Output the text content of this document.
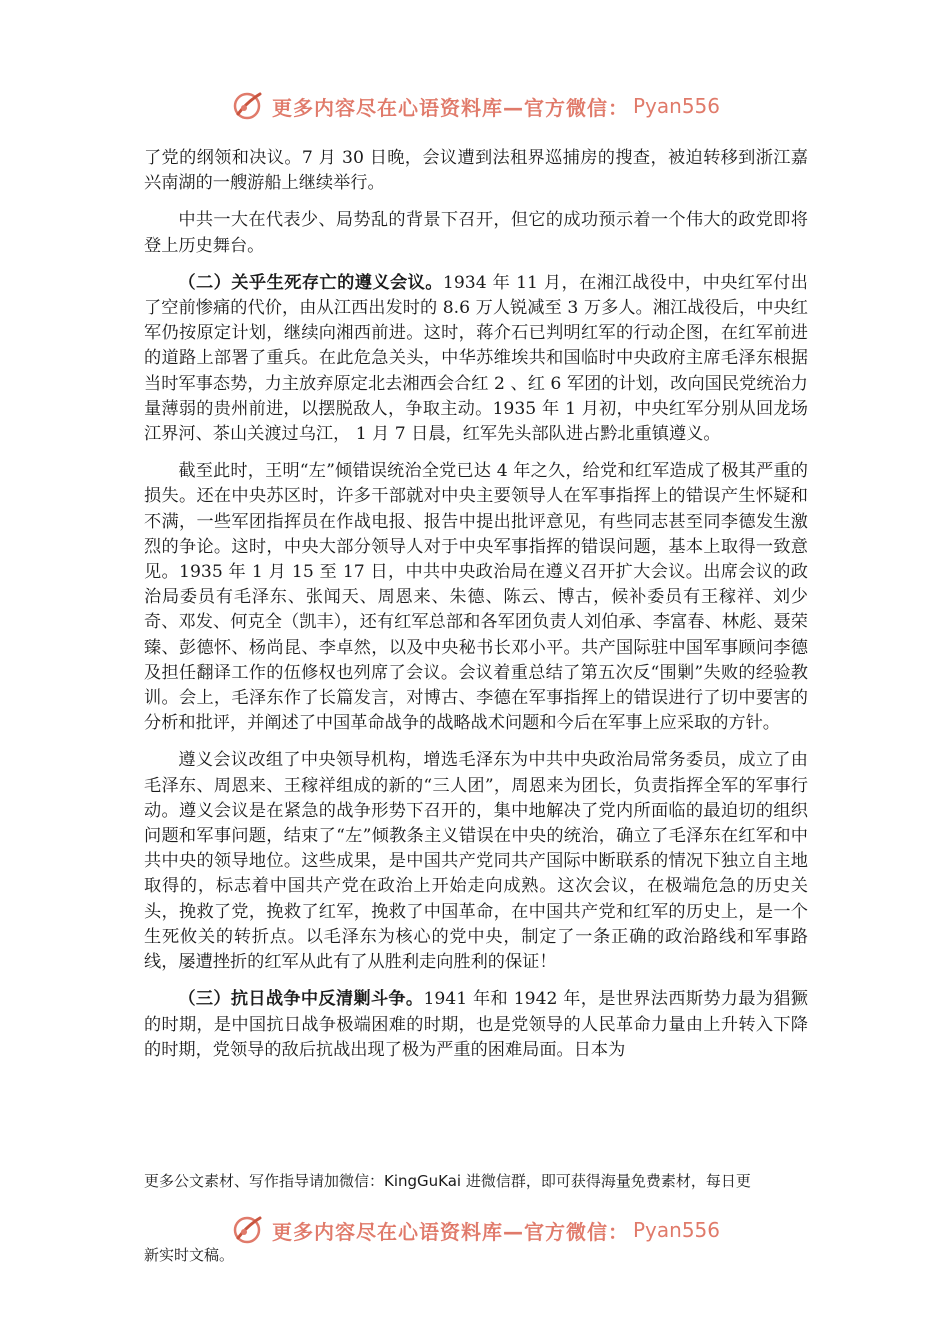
更多内容尽在心语资料库—官方微信： Pyan556

了党的纲领和决议。7 月 30 日晚，会议遭到法租界巡捕房的搜查，被迫转移到浙江嘉兴南湖的一艘游船上继续举行。

中共一大在代表少、局势乱的背景下召开，但它的成功预示着一个伟大的政党即将登上历史舞台。

（二）关乎生死存亡的遵义会议。1934 年 11 月，在湘江战役中，中央红军付出了空前惨痛的代价，由从江西出发时的 8.6 万人锐减至 3 万多人。湘江战役后，中央红军仍按原定计划，继续向湘西前进。这时，蒋介石已判明红军的行动企图，在红军前进的道路上部署了重兵。在此危急关头，中华苏维埃共和国临时中央政府主席毛泽东根据当时军事态势，力主放弃原定北去湘西会合红 2 、红 6 军团的计划，改向国民党统治力量薄弱的贵州前进，以摆脱敌人，争取主动。1935 年 1 月初，中央红军分别从回龙场江界河、茶山关渡过乌江， 1 月 7 日晨，红军先头部队进占黔北重镇遵义。

截至此时，王明“左”倾错误统治全党已达 4 年之久，给党和红军造成了极其严重的损失。还在中央苏区时，许多干部就对中央主要领导人在军事指挥上的错误产生怀疑和不满，一些军团指挥员在作战电报、报告中提出批评意见，有些同志甚至同李德发生激烈的争论。这时，中央大部分领导人对于中央军事指挥的错误问题，基本上取得一致意见。1935 年 1 月 15 至 17 日，中共中央政治局在遵义召开扩大会议。出席会议的政治局委员有毛泽东、张闻天、周恩来、朱德、陈云、博古，候补委员有王稼祥、刘少奇、邓发、何克全（凯丰），还有红军总部和各军团负责人刘伯承、李富春、林彪、聂荣臻、彭德怀、杨尚昆、李卓然，以及中央秘书长邓小平。共产国际驻中国军事顾问李德及担任翻译工作的伍修权也列席了会议。会议着重总结了第五次反“围剿”失败的经验教训。会上，毛泽东作了长篇发言，对博古、李德在军事指挥上的错误进行了切中要害的分析和批评，并阐述了中国革命战争的战略战术问题和今后在军事上应采取的方针。

遵义会议改组了中央领导机构，增选毛泽东为中共中央政治局常务委员，成立了由毛泽东、周恩来、王稼祥组成的新的“三人团”，周恩来为团长，负责指挥全军的军事行动。遵义会议是在紧急的战争形势下召开的，集中地解决了党内所面临的最迫切的组织问题和军事问题，结束了“左”倾教条主义错误在中央的统治，确立了毛泽东在红军和中共中央的领导地位。这些成果，是中国共产党同共产国际中断联系的情况下独立自主地取得的，标志着中国共产党在政治上开始走向成熟。这次会议，在极端危急的历史关头，挽救了党，挽救了红军，挽救了中国革命，在中国共产党和红军的历史上，是一个生死攸关的转折点。以毛泽东为核心的党中央，制定了一条正确的政治路线和军事路线，屡遭挫折的红军从此有了从胜利走向胜利的保证！

（三）抗日战争中反清剿斗争。1941 年和 1942 年，是世界法西斯势力最为猖獗的时期，是中国抗日战争极端困难的时期，也是党领导的人民革命力量由上升转入下降的时期，党领导的敌后抗战出现了极为严重的困难局面。日本为

更多公文素材、写作指导请加微信：KingGuKai 进微信群，即可获得海量免费素材，每日更
更多内容尽在心语资料库—官方微信： Pyan556
新实时文稿。
